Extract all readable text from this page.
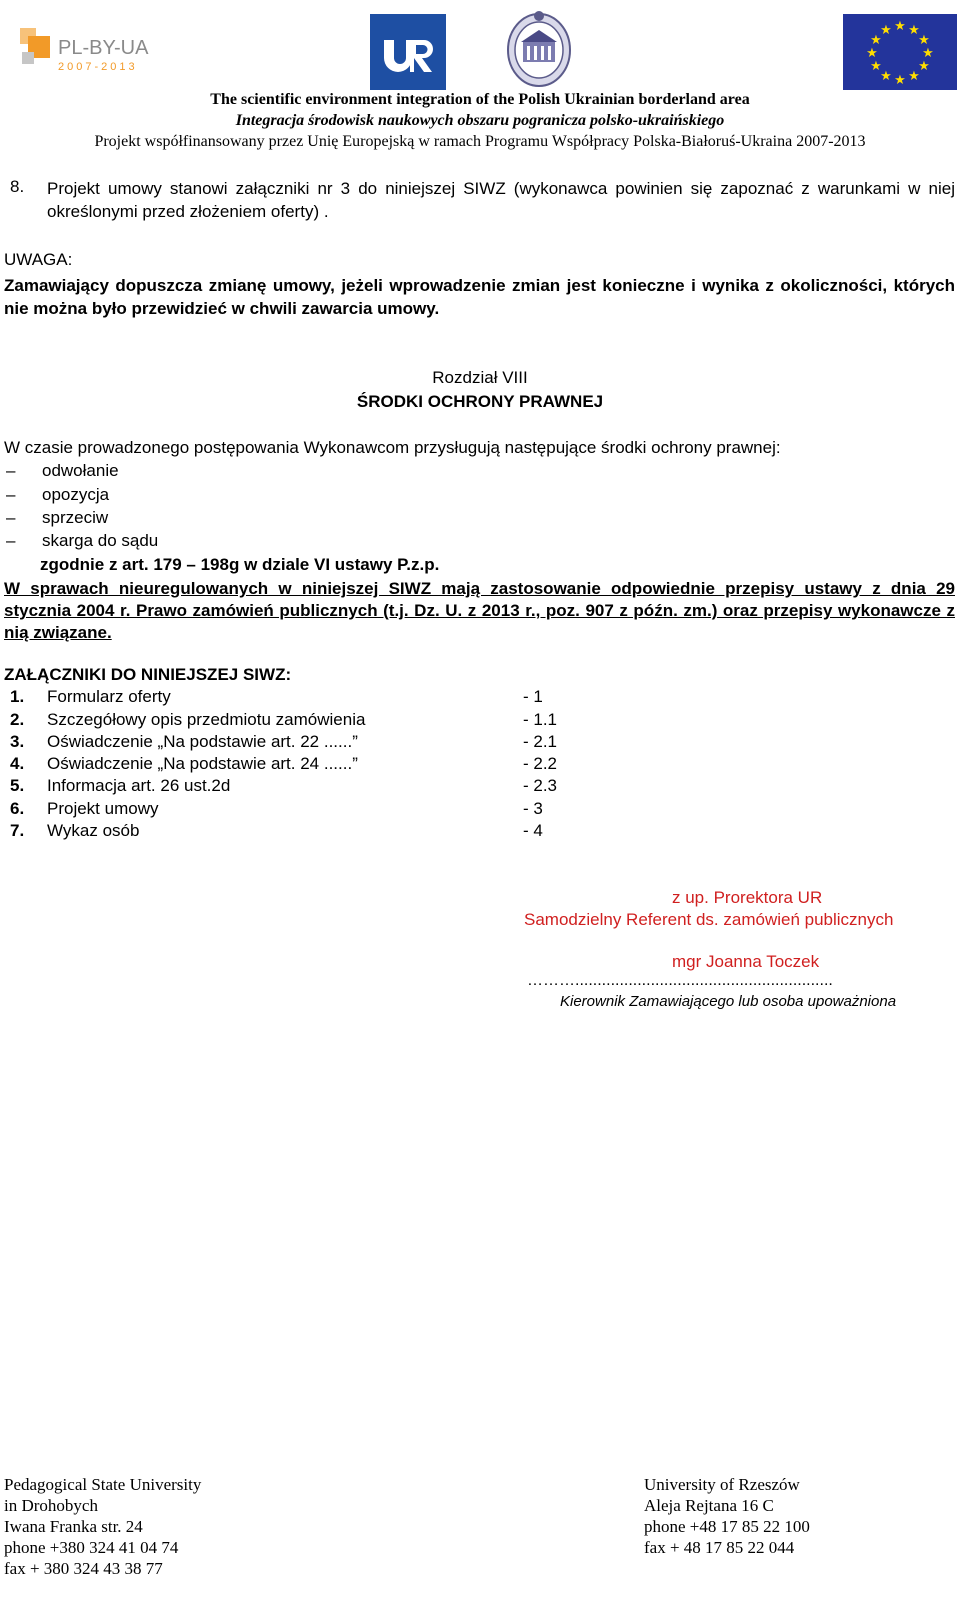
PL-BY-UA
2007-2013
★ ★
★
★
★
★
★
★
★
★
★
★
The scientific environment integration of the Polish Ukrainian borderland area
Integracja środowisk naukowych obszaru pogranicza polsko-ukraińskiego
Projekt współfinansowany przez Unię Europejską w ramach Programu Współpracy Polska-Białoruś-Ukraina 2007-2013
8. Projekt umowy stanowi załączniki nr 3 do niniejszej SIWZ (wykonawca powinien się zapoznać z warunkami w niej określonymi przed złożeniem oferty) .
UWAGA:
Zamawiający dopuszcza zmianę umowy, jeżeli wprowadzenie zmian jest konieczne i wynika z okoliczności, których nie można było przewidzieć w chwili zawarcia umowy.
Rozdział VIII
ŚRODKI OCHRONY PRAWNEJ
W czasie prowadzonego postępowania Wykonawcom przysługują następujące środki ochrony prawnej:
– odwołanie
– opozycja
– sprzeciw
– skarga do sądu
zgodnie z art. 179 – 198g w dziale VI ustawy P.z.p.
W sprawach nieuregulowanych w niniejszej SIWZ mają zastosowanie odpowiednie przepisy ustawy z dnia 29 stycznia 2004 r. Prawo zamówień publicznych (t.j. Dz. U. z 2013 r., poz. 907 z późn. zm.) oraz przepisy wykonawcze z nią związane.
ZAŁĄCZNIKI DO NINIEJSZEJ SIWZ:
1. Formularz oferty	- 1
2. Szczegółowy opis przedmiotu zamówienia	- 1.1
3. Oświadczenie „Na podstawie art. 22 ......”	- 2.1
4. Oświadczenie „Na podstawie art. 24 ......”	- 2.2
5. Informacja art. 26 ust.2d	- 2.3
6. Projekt umowy	- 3
7. Wykaz osób	- 4
z up. Prorektora UR
Samodzielny Referent ds. zamówień publicznych
mgr Joanna Toczek
………..........................................................
Kierownik Zamawiającego lub osoba upoważniona
Pedagogical State University
in Drohobych
Iwana Franka str. 24
phone +380 324 41 04 74
fax + 380 324 43 38 77
University of Rzeszów
Aleja Rejtana 16 C
phone +48 17 85 22 100
fax + 48 17 85 22 044
